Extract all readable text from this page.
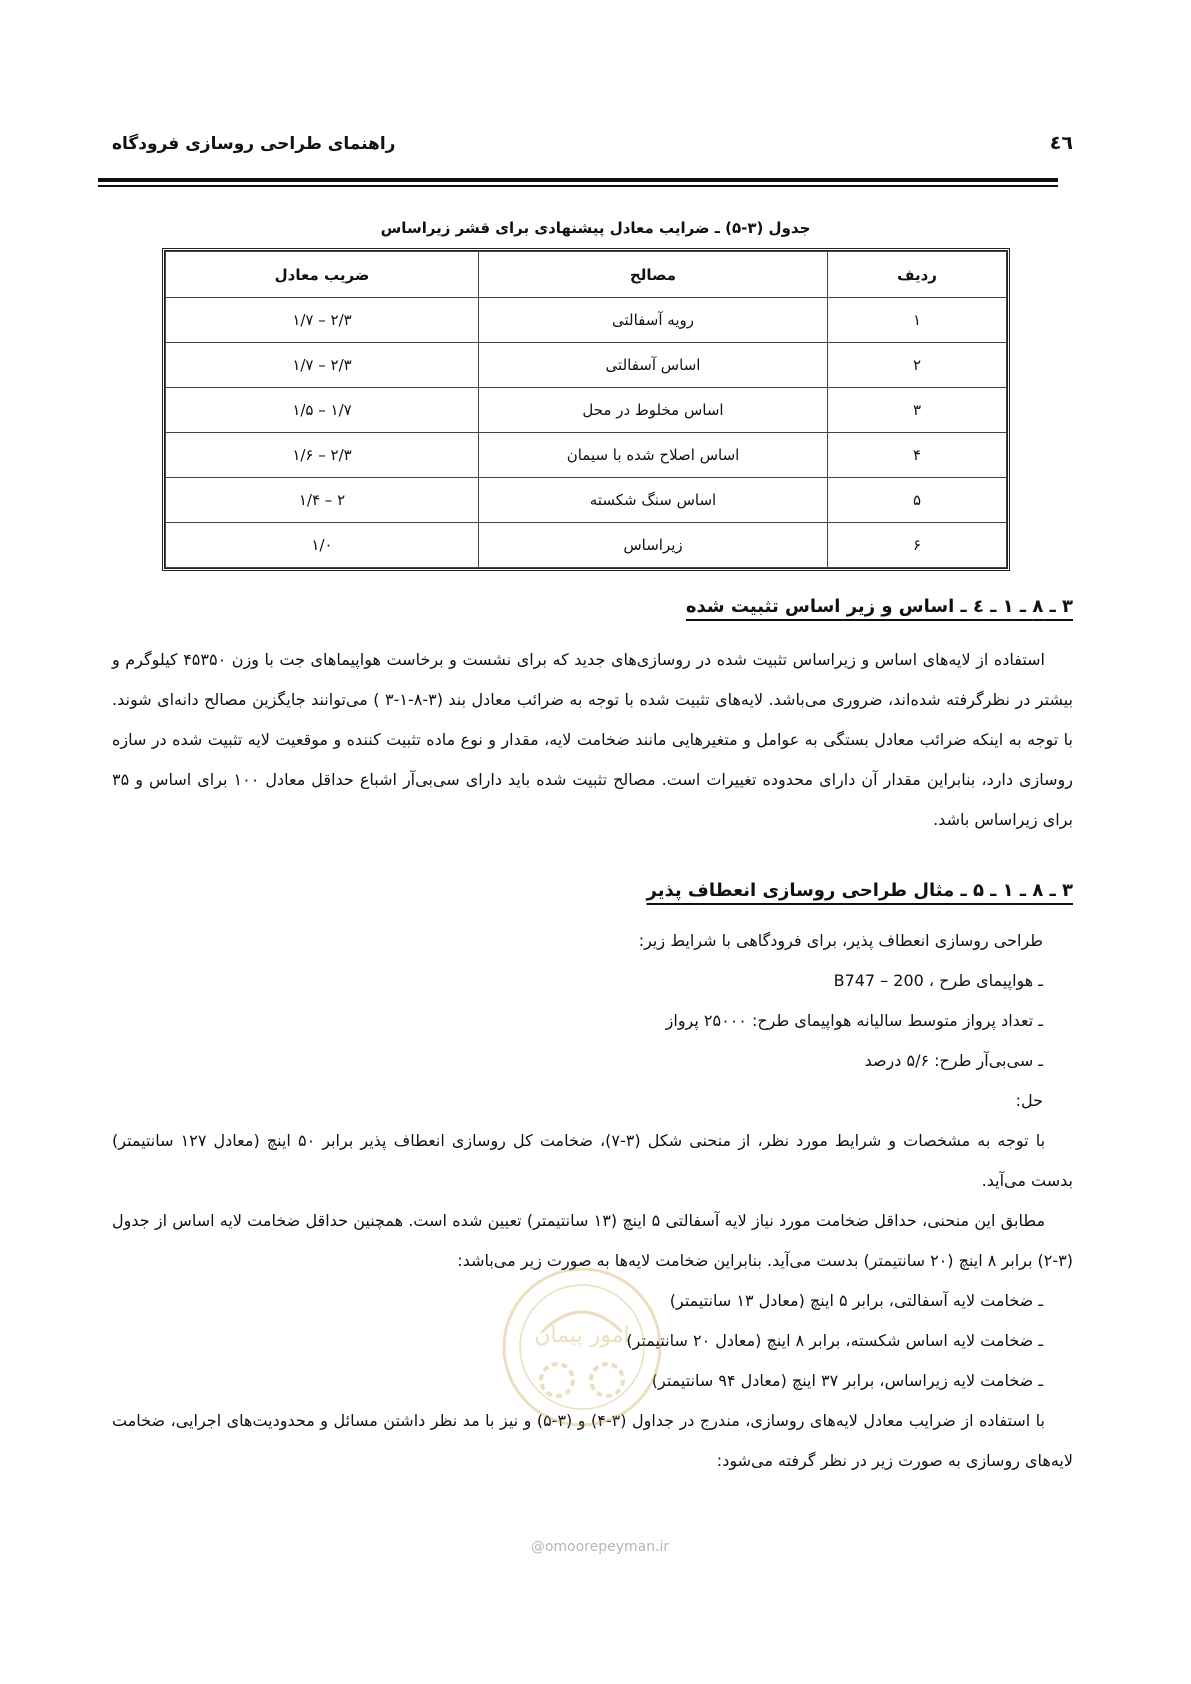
٤٦
راهنمای طراحی روسازی فرودگاه
جدول (۳-۵) ـ ضرایب معادل پیشنهادی برای قشر زیراساس
ردیف	مصالح	ضریب معادل
۱	رویه آسفالتی	۱/۷ – ۲/۳
۲	اساس آسفالتی	۱/۷ – ۲/۳
۳	اساس مخلوط در محل	۱/۵ – ۱/۷
۴	اساس اصلاح شده با سیمان	۱/۶ – ۲/۳
۵	اساس سنگ شکسته	۱/۴ – ۲
۶	زیراساس	۱/۰
۳ ـ ۸ ـ ۱ ـ ٤ ـ اساس و زیر اساس تثبیت شده
استفاده از لایه‌های اساس و زیراساس تثبیت شده در روسازی‌های جدید که برای نشست و برخاست هواپیماهای جت با وزن ۴۵۳۵۰ کیلوگرم و بیشتر در نظرگرفته شده‌اند، ضروری می‌باشد. لایه‌های تثبیت شده با توجه به ضرائب معادل بند (۳-۸-۱-۳ ) می‌توانند جایگزین مصالح دانه‌ای شوند. با توجه به اینکه ضرائب معادل بستگی به عوامل و متغیرهایی مانند ضخامت لایه، مقدار و نوع ماده تثبیت کننده و موقعیت لایه تثبیت شده در سازه روسازی دارد، بنابراین مقدار آن دارای محدوده تغییرات است. مصالح تثبیت شده باید دارای سی‌بی‌آر اشباع حداقل معادل ۱۰۰ برای اساس و ۳۵ برای زیراساس باشد.
۳ ـ ۸ ـ ۱ ـ ۵ ـ مثال طراحی روسازی انعطاف پذیر
طراحی روسازی انعطاف پذیر، برای فرودگاهی با شرایط زیر:
ـ هواپیمای طرح ، B747 – 200
ـ تعداد پرواز متوسط سالیانه هواپیمای طرح: ۲۵۰۰۰ پرواز
ـ سی‌بی‌آر طرح: ۵/۶ درصد
حل:
با توجه به مشخصات و شرایط مورد نظر، از منحنی شکل (۳-۷)، ضخامت کل روسازی انعطاف پذیر برابر ۵۰ اینچ (معادل ۱۲۷ سانتیمتر) بدست می‌آید.
مطابق این منحنی، حداقل ضخامت مورد نیاز لایه آسفالتی ۵ اینچ (۱۳ سانتیمتر) تعیین شده است. همچنین حداقل ضخامت لایه اساس از جدول (۳-۲) برابر ۸ اینچ (۲۰ سانتیمتر) بدست می‌آید. بنابراین ضخامت لایه‌ها به صورت زیر می‌باشد:
ـ ضخامت لایه آسفالتی، برابر ۵ اینچ (معادل ۱۳ سانتیمتر)
ـ ضخامت لایه اساس شکسته، برابر ۸ اینچ (معادل ۲۰ سانتیمتر)
ـ ضخامت لایه زیراساس، برابر ۳۷ اینچ (معادل ۹۴ سانتیمتر)
با استفاده از ضرایب معادل لایه‌های روسازی، مندرج در جداول (۳-۴) و (۳-۵) و نیز با مد نظر داشتن مسائل و محدودیت‌های اجرایی، ضخامت لایه‌های روسازی به صورت زیر در نظر گرفته می‌شود:
امور پیمان
@omoorepeyman.ir
